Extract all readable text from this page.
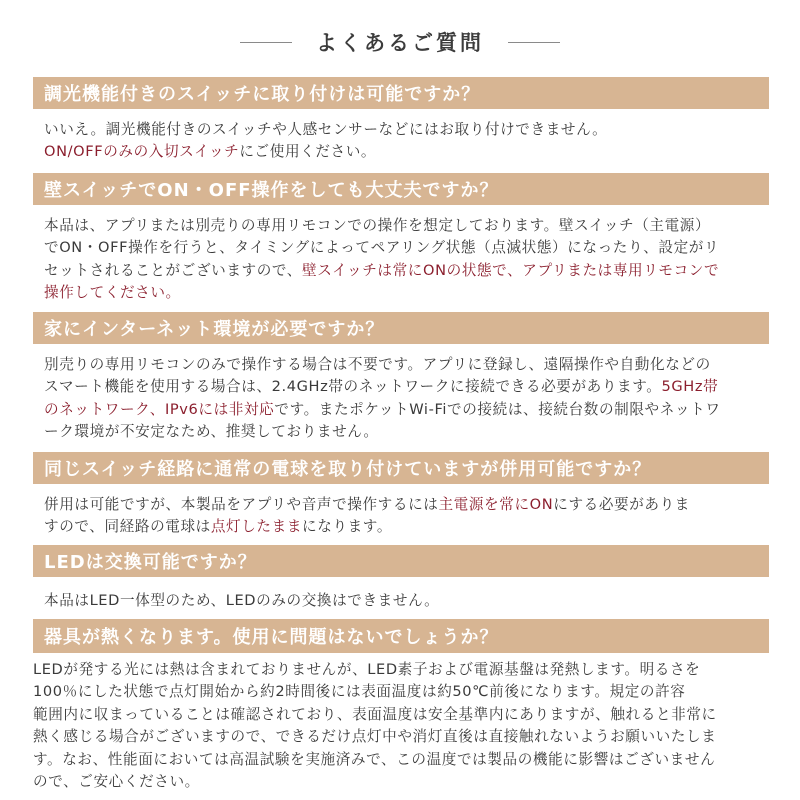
よくあるご質問
調光機能付きのスイッチに取り付けは可能ですか？
いいえ。調光機能付きのスイッチや人感センサーなどにはお取り付けできません。
ON/OFFのみの入切スイッチにご使用ください。
壁スイッチでON・OFF操作をしても大丈夫ですか？
本品は、アプリまたは別売りの専用リモコンでの操作を想定しております。壁スイッチ（主電源）
でON・OFF操作を行うと、タイミングによってペアリング状態（点滅状態）になったり、設定がリ
セットされることがございますので、壁スイッチは常にONの状態で、アプリまたは専用リモコンで
操作してください。
家にインターネット環境が必要ですか？
別売りの専用リモコンのみで操作する場合は不要です。アプリに登録し、遠隔操作や自動化などの
スマート機能を使用する場合は、2.4GHz帯のネットワークに接続できる必要があります。5GHz帯
のネットワーク、IPv6には非対応です。またポケットWi-Fiでの接続は、接続台数の制限やネットワ
ーク環境が不安定なため、推奨しておりません。
同じスイッチ経路に通常の電球を取り付けていますが併用可能ですか？
併用は可能ですが、本製品をアプリや音声で操作するには主電源を常にONにする必要がありま
すので、同経路の電球は点灯したままになります。
LEDは交換可能ですか？
本品はLED一体型のため、LEDのみの交換はできません。
器具が熱くなります。使用に問題はないでしょうか？
LEDが発する光には熱は含まれておりませんが、LED素子および電源基盤は発熱します。明るさを
100％にした状態で点灯開始から約2時間後には表面温度は約50℃前後になります。規定の許容
範囲内に収まっていることは確認されており、表面温度は安全基準内にありますが、触れると非常に
熱く感じる場合がございますので、できるだけ点灯中や消灯直後は直接触れないようお願いいたしま
す。なお、性能面においては高温試験を実施済みで、この温度では製品の機能に影響はございません
ので、ご安心ください。
